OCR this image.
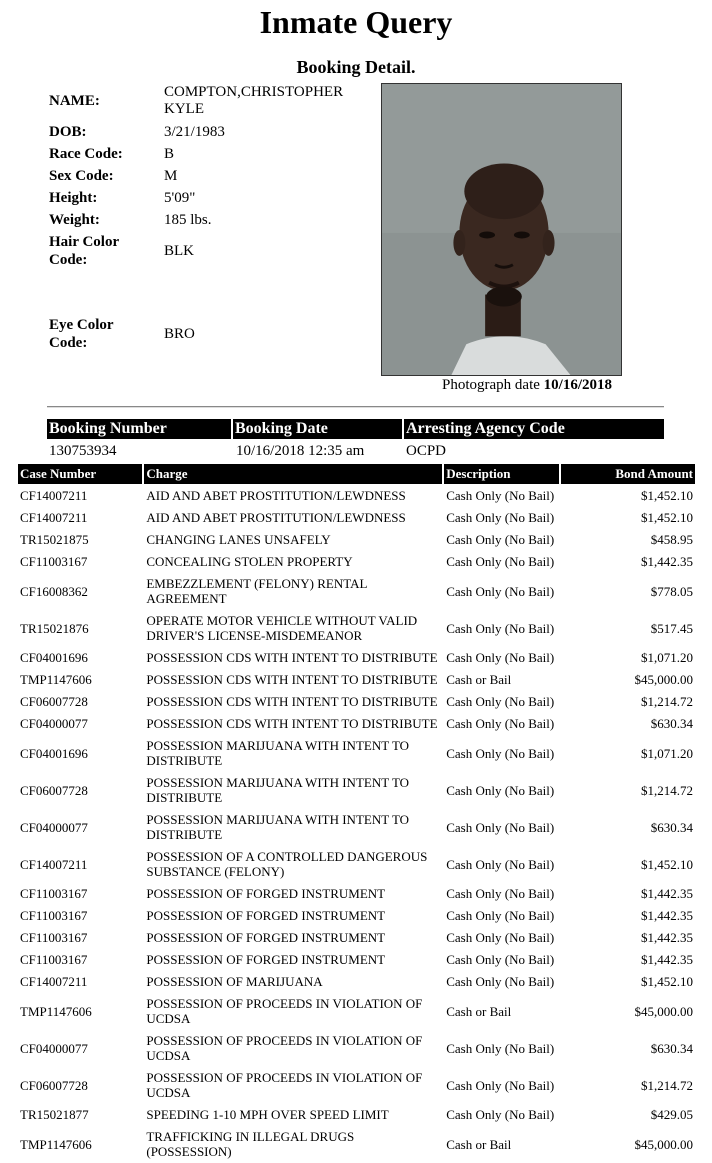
Inmate Query
Booking Detail.
NAME:
COMPTON,CHRISTOPHER
KYLE
DOB:	3/21/1983
Race Code:	B
Sex Code:	M
Height:	5'09"
Weight:	185 lbs.
Hair Color
Code:
BLK
Eye Color
Code:
BRO
Photograph date 10/16/2018
Booking Number	Booking Date	Arresting Agency Code
130753934	10/16/2018 12:35 am	OCPD
Case Number	Charge	Description	Bond Amount
CF14007211	AID AND ABET PROSTITUTION/LEWDNESS	Cash Only (No Bail)	$1,452.10
CF14007211	AID AND ABET PROSTITUTION/LEWDNESS	Cash Only (No Bail)	$1,452.10
TR15021875	CHANGING LANES UNSAFELY	Cash Only (No Bail)	$458.95
CF11003167	CONCEALING STOLEN PROPERTY	Cash Only (No Bail)	$1,442.35
CF16008362	EMBEZZLEMENT (FELONY) RENTAL AGREEMENT	Cash Only (No Bail)	$778.05
TR15021876	OPERATE MOTOR VEHICLE WITHOUT VALID DRIVER'S LICENSE-MISDEMEANOR	Cash Only (No Bail)	$517.45
CF04001696	POSSESSION CDS WITH INTENT TO DISTRIBUTE	Cash Only (No Bail)	$1,071.20
TMP1147606	POSSESSION CDS WITH INTENT TO DISTRIBUTE	Cash or Bail	$45,000.00
CF06007728	POSSESSION CDS WITH INTENT TO DISTRIBUTE	Cash Only (No Bail)	$1,214.72
CF04000077	POSSESSION CDS WITH INTENT TO DISTRIBUTE	Cash Only (No Bail)	$630.34
CF04001696	POSSESSION MARIJUANA WITH INTENT TO DISTRIBUTE	Cash Only (No Bail)	$1,071.20
CF06007728	POSSESSION MARIJUANA WITH INTENT TO DISTRIBUTE	Cash Only (No Bail)	$1,214.72
CF04000077	POSSESSION MARIJUANA WITH INTENT TO DISTRIBUTE	Cash Only (No Bail)	$630.34
CF14007211	POSSESSION OF A CONTROLLED DANGEROUS SUBSTANCE (FELONY)	Cash Only (No Bail)	$1,452.10
CF11003167	POSSESSION OF FORGED INSTRUMENT	Cash Only (No Bail)	$1,442.35
CF11003167	POSSESSION OF FORGED INSTRUMENT	Cash Only (No Bail)	$1,442.35
CF11003167	POSSESSION OF FORGED INSTRUMENT	Cash Only (No Bail)	$1,442.35
CF11003167	POSSESSION OF FORGED INSTRUMENT	Cash Only (No Bail)	$1,442.35
CF14007211	POSSESSION OF MARIJUANA	Cash Only (No Bail)	$1,452.10
TMP1147606	POSSESSION OF PROCEEDS IN VIOLATION OF UCDSA	Cash or Bail	$45,000.00
CF04000077	POSSESSION OF PROCEEDS IN VIOLATION OF UCDSA	Cash Only (No Bail)	$630.34
CF06007728	POSSESSION OF PROCEEDS IN VIOLATION OF UCDSA	Cash Only (No Bail)	$1,214.72
TR15021877	SPEEDING 1-10 MPH OVER SPEED LIMIT	Cash Only (No Bail)	$429.05
TMP1147606	TRAFFICKING IN ILLEGAL DRUGS (POSSESSION)	Cash or Bail	$45,000.00
